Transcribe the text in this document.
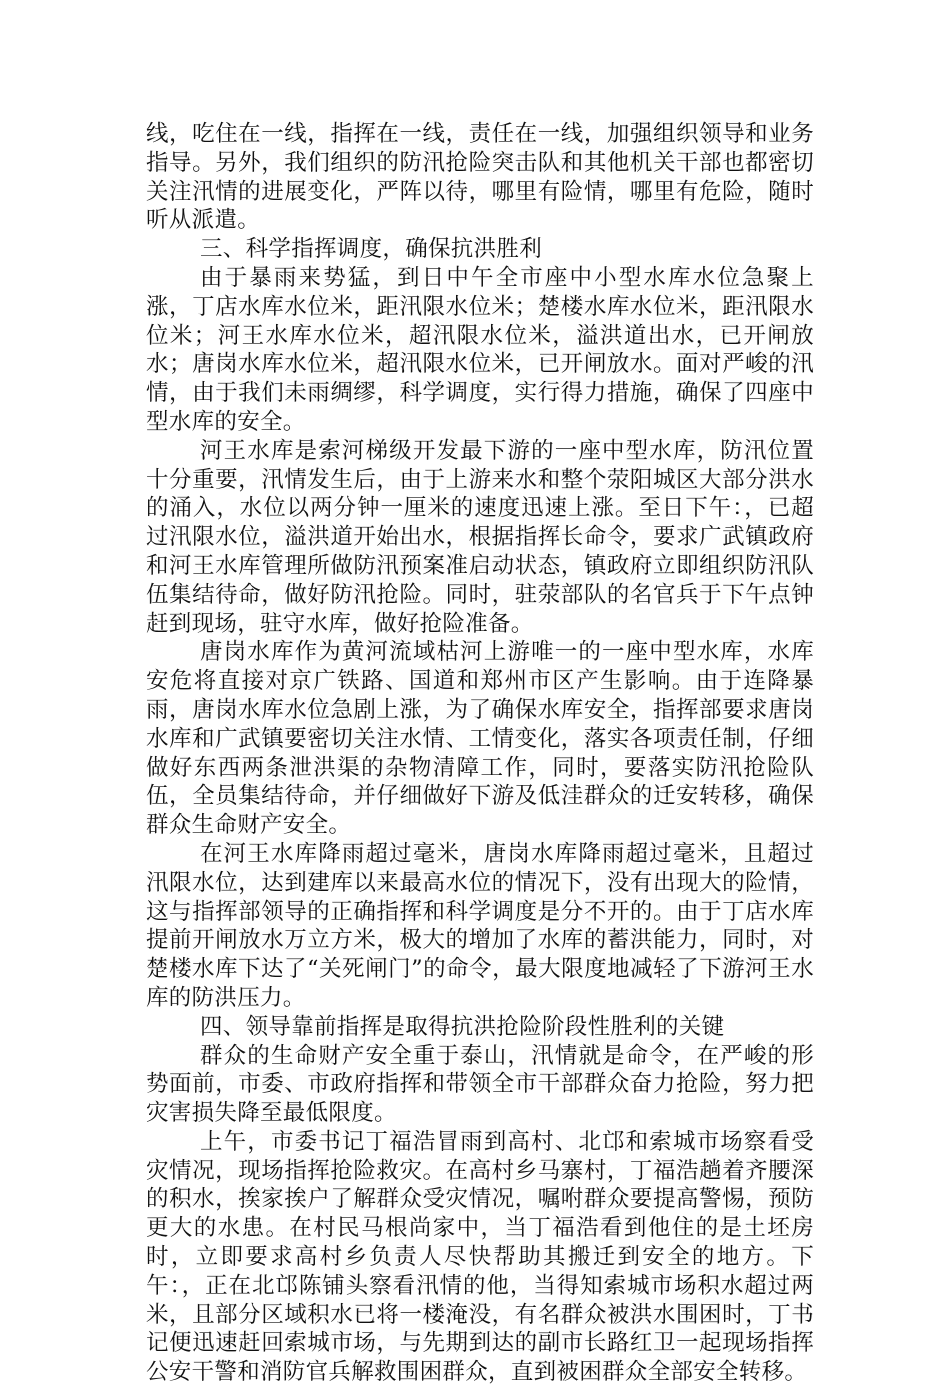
线，吃住在一线，指挥在一线，责任在一线，加强组织领导和业务指导。另外，我们组织的防汛抢险突击队和其他机关干部也都密切关注汛情的进展变化，严阵以待，哪里有险情，哪里有危险，随时听从派遣。

三、科学指挥调度，确保抗洪胜利

由于暴雨来势猛，到日中午全市座中小型水库水位急聚上涨，丁店水库水位米，距汛限水位米；楚楼水库水位米，距汛限水位米；河王水库水位米，超汛限水位米，溢洪道出水，已开闸放水；唐岗水库水位米，超汛限水位米，已开闸放水。面对严峻的汛情，由于我们未雨绸缪，科学调度，实行得力措施，确保了四座中型水库的安全。

河王水库是索河梯级开发最下游的一座中型水库，防汛位置十分重要，汛情发生后，由于上游来水和整个荥阳城区大部分洪水的涌入，水位以两分钟一厘米的速度迅速上涨。至日下午：，已超过汛限水位，溢洪道开始出水，根据指挥长命令，要求广武镇政府和河王水库管理所做防汛预案准启动状态，镇政府立即组织防汛队伍集结待命，做好防汛抢险。同时，驻荥部队的名官兵于下午点钟赶到现场，驻守水库，做好抢险准备。

唐岗水库作为黄河流域枯河上游唯一的一座中型水库，水库安危将直接对京广铁路、国道和郑州市区产生影响。由于连降暴雨，唐岗水库水位急剧上涨，为了确保水库安全，指挥部要求唐岗水库和广武镇要密切关注水情、工情变化，落实各项责任制，仔细做好东西两条泄洪渠的杂物清障工作，同时，要落实防汛抢险队伍，全员集结待命，并仔细做好下游及低洼群众的迁安转移，确保群众生命财产安全。

在河王水库降雨超过毫米，唐岗水库降雨超过毫米，且超过汛限水位，达到建库以来最高水位的情况下，没有出现大的险情，这与指挥部领导的正确指挥和科学调度是分不开的。由于丁店水库提前开闸放水万立方米，极大的增加了水库的蓄洪能力，同时，对楚楼水库下达了“关死闸门”的命令，最大限度地减轻了下游河王水库的防洪压力。

四、领导靠前指挥是取得抗洪抢险阶段性胜利的关键

群众的生命财产安全重于泰山，汛情就是命令，在严峻的形势面前，市委、市政府指挥和带领全市干部群众奋力抢险，努力把灾害损失降至最低限度。

上午，市委书记丁福浩冒雨到高村、北邙和索城市场察看受灾情况，现场指挥抢险救灾。在高村乡马寨村，丁福浩趟着齐腰深的积水，挨家挨户了解群众受灾情况，嘱咐群众要提高警惕，预防更大的水患。在村民马根尚家中，当丁福浩看到他住的是土坯房时，立即要求高村乡负责人尽快帮助其搬迁到安全的地方。下午：，正在北邙陈铺头察看汛情的他，当得知索城市场积水超过两米，且部分区域积水已将一楼淹没，有名群众被洪水围困时，丁书记便迅速赶回索城市场，与先期到达的副市长路红卫一起现场指挥公安干警和消防官兵解救围困群众，直到被困群众全部安全转移。
